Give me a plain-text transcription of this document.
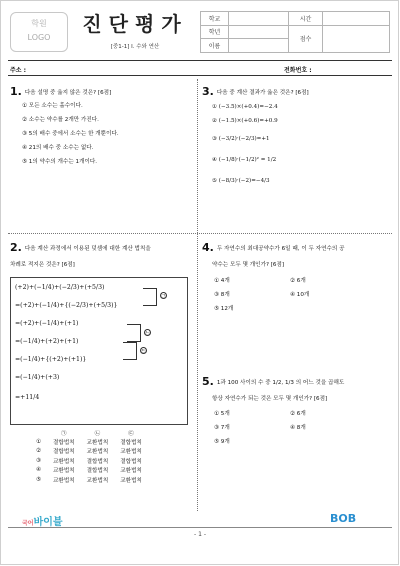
학원
LOGO
진단평가
[중1-1] Ⅰ. 수와 연산
학교		시간	
학년		점수	
이름			
주소 :	전화번호 :
1. 다음 설명 중 옳지 않은 것은? [6점]
① 모든 소수는 홀수이다.
② 소수는 약수를 2개만 가진다.
③ 5의 배수 중에서 소수는 한 개뿐이다.
④ 21의 배수 중 소수는 없다.
⑤ 1의 약수의 개수는 1개이다.
3. 다음 중 계산 결과가 옳은 것은? [6점]
① (−3.5)×(+0.4)=−2.4
② (−1.5)×(+0.6)=+0.9
③ (−3/2)·(−2/3)=+1
④ (−1/8)·(−1/2)² = 1/2
⑤ (−8/3)·(−2)=−4/3
2. 다음 계산 과정에서 이용된 덧셈에 대한 계산 법칙을
차례로 적지은 것은? [6점]
(+2)+(−1/4)+(−2/3)+(+5/3)
=(+2)+(−1/4)+{(−2/3)+(+5/3)}
=(+2)+(−1/4)+(+1)
=(−1/4)+(+2)+(+1)
=(−1/4)+{(+2)+(+1)}
=(−1/4)+(+3)
=+11/4
㉠
㉡
㉢
	㉠	㉡	㉢
①	결합법칙	교환법칙	결합법칙
②	결합법칙	교환법칙	교환법칙
③	교환법칙	결합법칙	결합법칙
④	교환법칙	결합법칙	교환법칙
⑤	교환법칙	교환법칙	교환법칙
4. 두 자연수의 최대공약수가 6일 때, 이 두 자연수의 공
약수는 모두 몇 개인가? [6점]
① 4개	② 6개
③ 8개	④ 10개
⑤ 12개
5. 1과 100 사이의 수 중 1/2, 1/3 의 어느 것을 곱해도
항상 자연수가 되는 것은 모두 몇 개인가? [6점]
① 5개	② 6개
③ 7개	④ 8개
⑤ 9개
국어바이블	BOB
- 1 -
